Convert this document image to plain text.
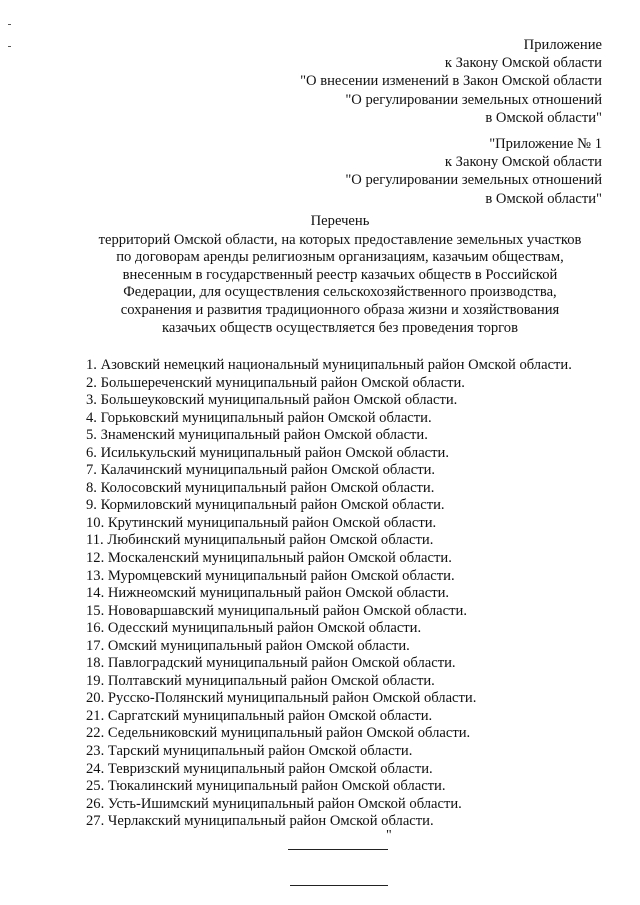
Приложение
к Закону Омской области
"О внесении изменений в Закон Омской области
"О регулировании земельных отношений
в Омской области"
"Приложение № 1
к Закону Омской области
"О регулировании земельных отношений
в Омской области"
Перечень
территорий Омской области, на которых предоставление земельных участков
по договорам аренды религиозным организациям, казачьим обществам,
внесенным в государственный реестр казачьих обществ в Российской
Федерации, для осуществления сельскохозяйственного производства,
сохранения и развития традиционного образа жизни и хозяйствования
казачьих обществ осуществляется без проведения торгов
1. Азовский немецкий национальный муниципальный район Омской области.
2. Большереченский муниципальный район Омской области.
3. Большеуковский муниципальный район Омской области.
4. Горьковский муниципальный район Омской области.
5. Знаменский муниципальный район Омской области.
6. Исилькульский муниципальный район Омской области.
7. Калачинский муниципальный район Омской области.
8. Колосовский муниципальный район Омской области.
9. Кормиловский муниципальный район Омской области.
10. Крутинский муниципальный район Омской области.
11. Любинский муниципальный район Омской области.
12. Москаленский муниципальный район Омской области.
13. Муромцевский муниципальный район Омской области.
14. Нижнеомский муниципальный район Омской области.
15. Нововаршавский муниципальный район Омской области.
16. Одесский муниципальный район Омской области.
17. Омский муниципальный район Омской области.
18. Павлоградский муниципальный район Омской области.
19. Полтавский муниципальный район Омской области.
20. Русско-Полянский муниципальный район Омской области.
21. Саргатский муниципальный район Омской области.
22. Седельниковский муниципальный район Омской области.
23. Тарский муниципальный район Омской области.
24. Тевризский муниципальный район Омской области.
25. Тюкалинский муниципальный район Омской области.
26. Усть-Ишимский муниципальный район Омской области.
27. Черлакский муниципальный район Омской области.
"
